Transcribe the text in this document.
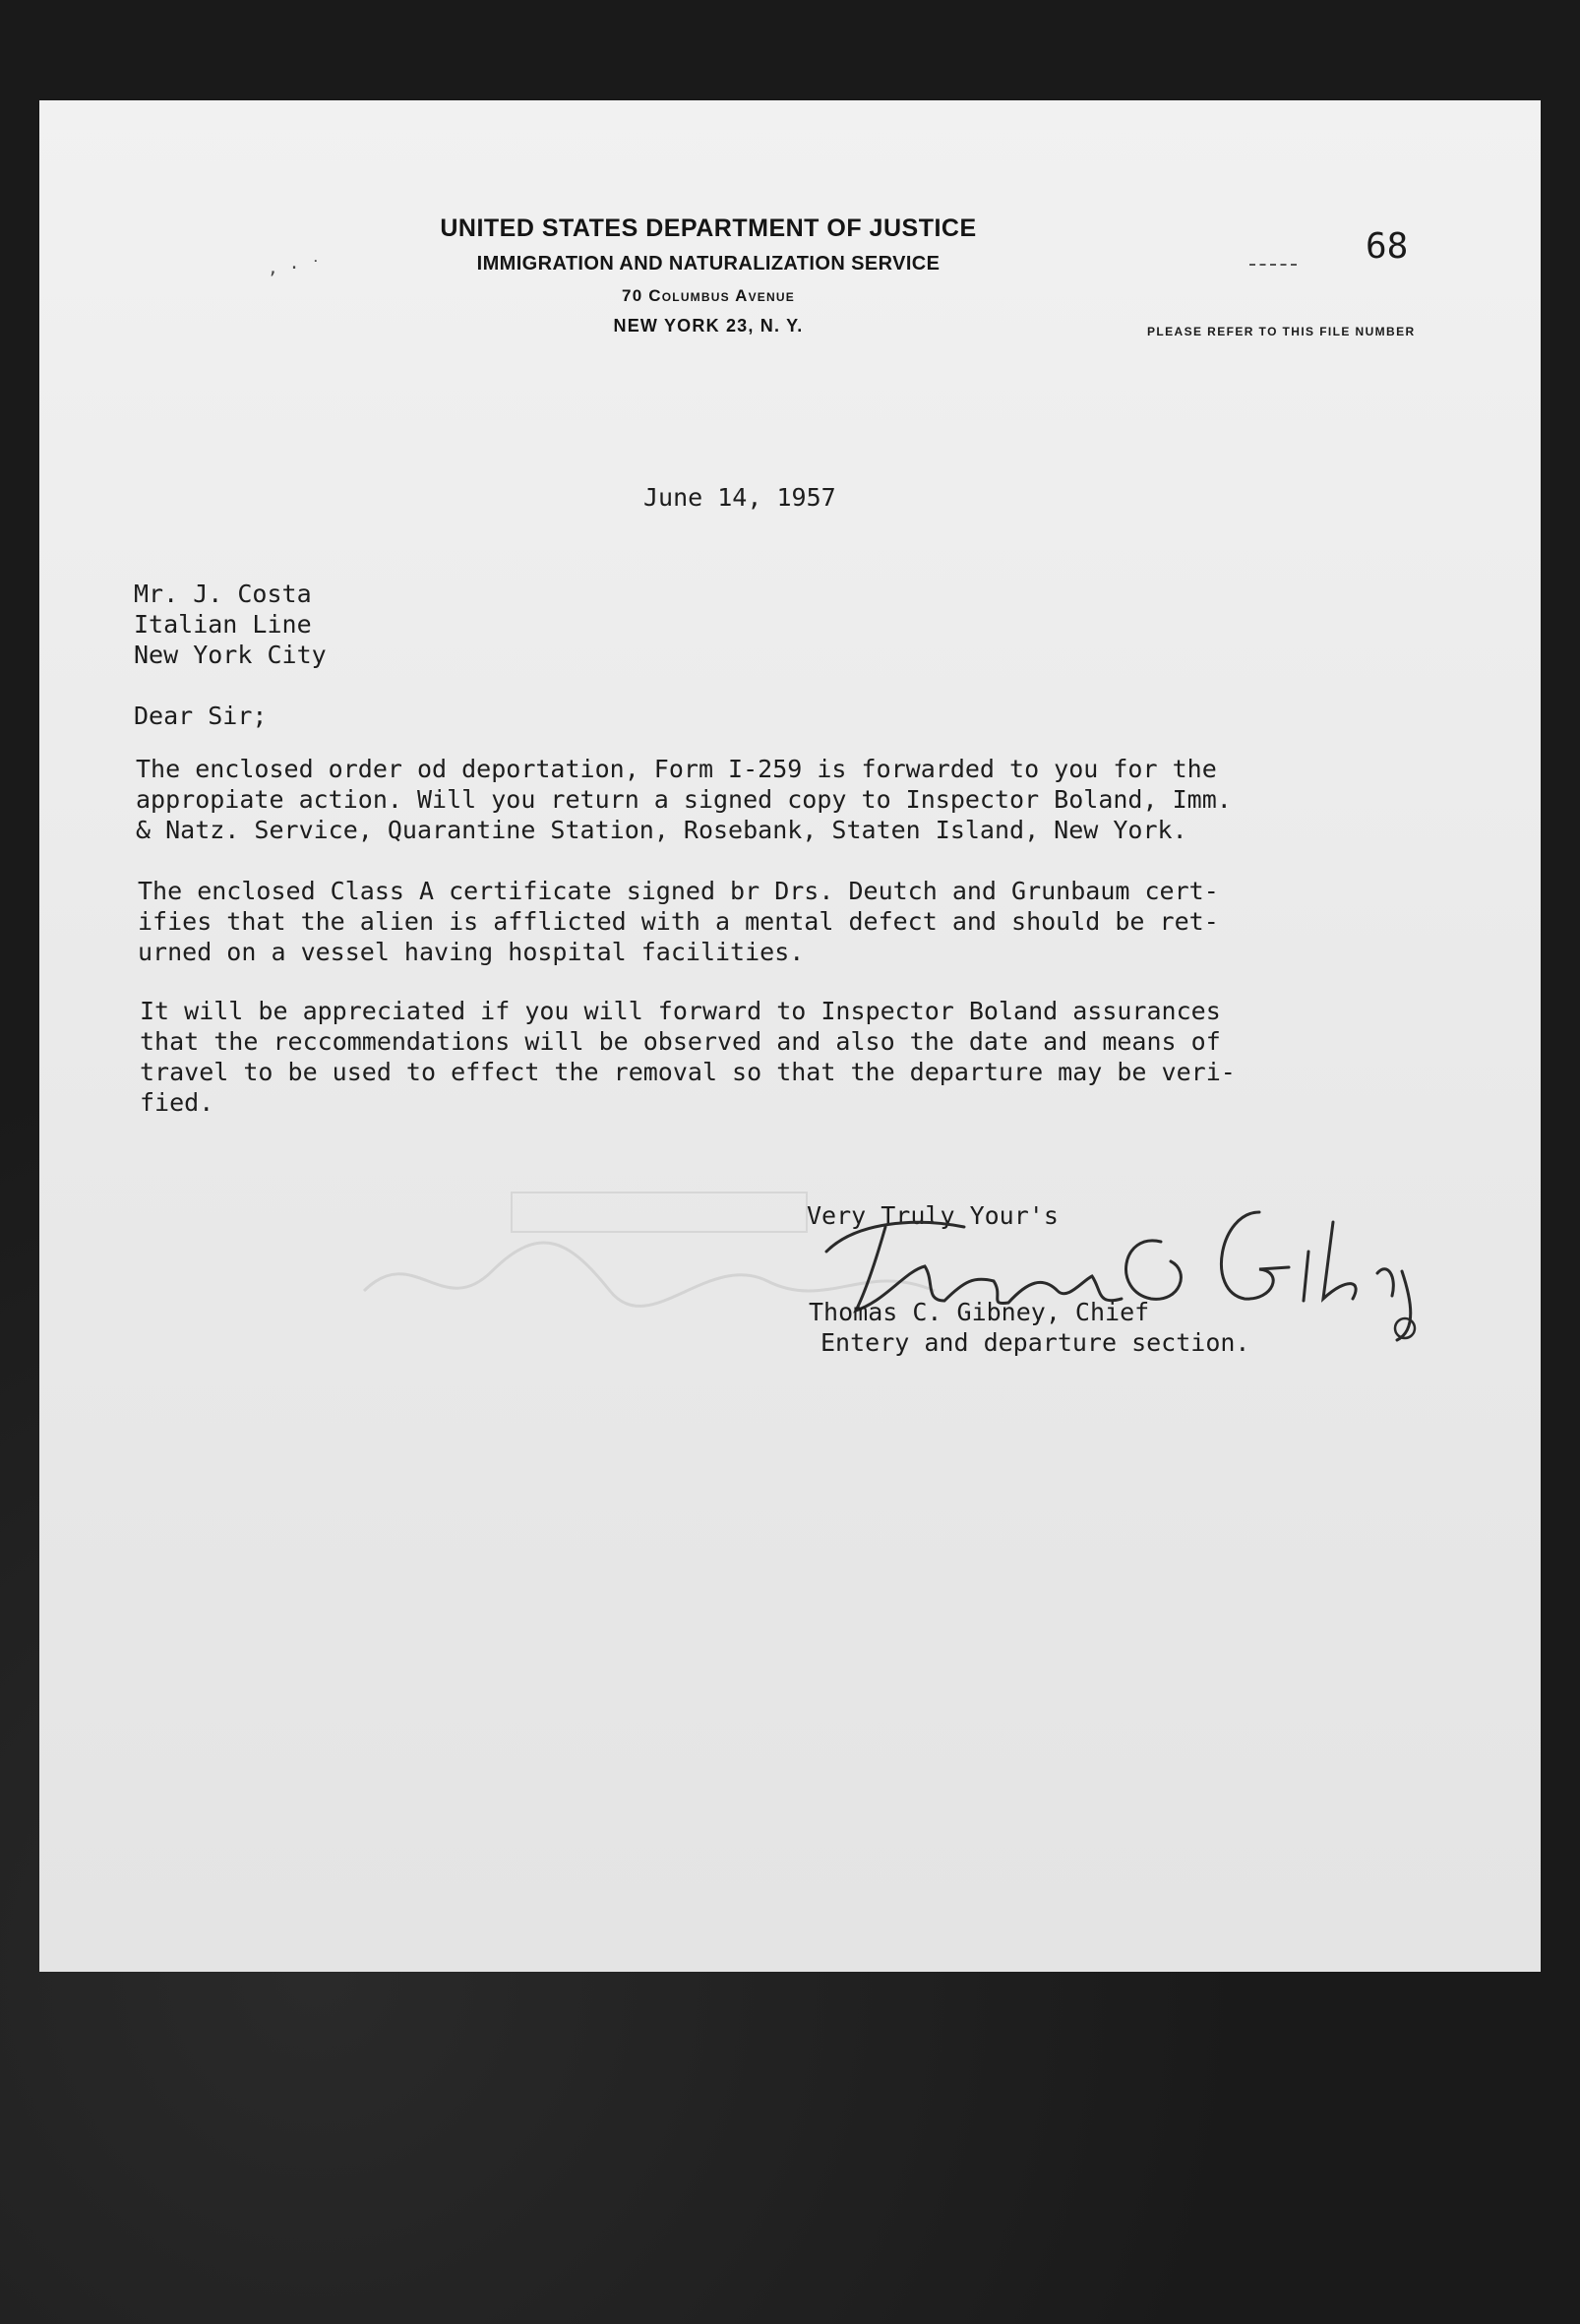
‚ · ˙
UNITED STATES DEPARTMENT OF JUSTICE
IMMIGRATION AND NATURALIZATION SERVICE
70 Columbus Avenue
NEW YORK 23, N. Y.
68
PLEASE REFER TO THIS FILE NUMBER
June 14, 1957
Mr. J. Costa
Italian Line
New York City
Dear Sir;
The enclosed order od deportation, Form I-259 is forwarded to you for the
appropiate action. Will you return a signed copy to Inspector Boland, Imm.
& Natz. Service, Quarantine Station, Rosebank, Staten Island, New York.
The enclosed Class A certificate signed br Drs. Deutch and Grunbaum cert-
ifies that the alien is afflicted with a mental defect and should be ret-
urned on a vessel having hospital facilities.
It will be appreciated if you will forward to Inspector Boland assurances
that the reccommendations will be observed and also the date and means of
travel to be used to effect the removal so that the departure may be veri-
fied.
Very Truly Your's
Thomas C. Gibney, Chief
Entery and departure section.
